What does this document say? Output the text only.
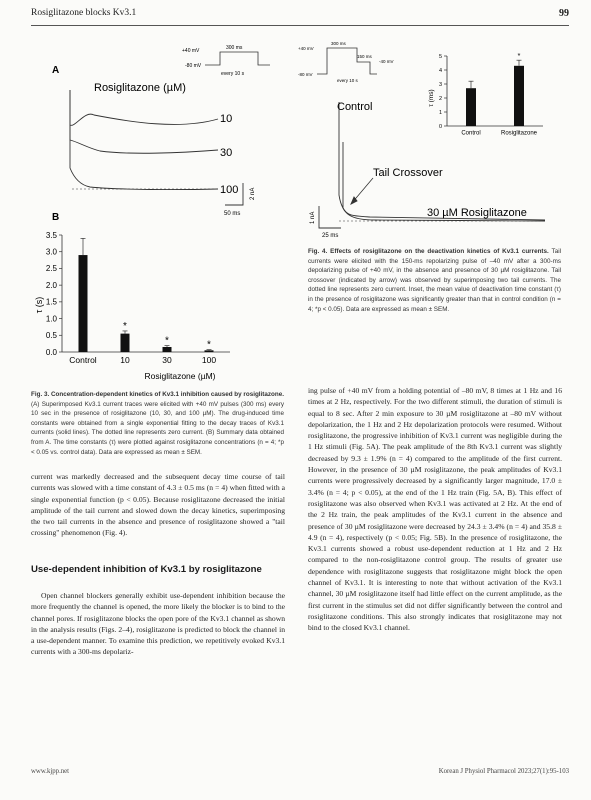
Rosiglitazone blocks Kv3.1	99
A
+40 mV
-80 mV
300 ms
every 10 s
Rosiglitazone (µM)
10
30
100 2 nA
50 ms
B
0.0
0.5
1.0
1.5
2.0
2.5
3.0
3.5
Control
*
10
*
30
*
100
τ (s)
Rosiglitazone (µM)
+40 mV
-80 mV
300 ms
150 ms
-40 mV
every 10 s
0
1
2
3
4
5
Control
*
Rosiglitazone
τ (ms)
Control
Tail Crossover
30 µM Rosiglitazone
1 nA
25 ms
Fig. 4. Effects of rosiglitazone on the deactivation kinetics of Kv3.1 currents. Tail currents were elicited with the 150-ms repolarizing pulse of –40 mV after a 300-ms depolarizing pulse of +40 mV, in the absence and presence of 30 µM rosiglitazone. Tail crossover (indicated by arrow) was observed by superimposing two tail currents. The dotted line represents zero current. Inset, the mean value of deactivation time constant (τ) in the presence of rosiglitazone was significantly greater than that in control condition (n = 4; *p < 0.05). Data are expressed as mean ± SEM.
Fig. 3. Concentration-dependent kinetics of Kv3.1 inhibition caused by rosiglitazone. (A) Superimposed Kv3.1 current traces were elicited with +40 mV pulses (300 ms) every 10 sec in the presence of rosiglitazone (10, 30, and 100 µM). The drug-induced time constants were obtained from a single exponential fitting to the decay traces of Kv3.1 currents (solid lines). The dotted line represents zero current. (B) Summary data obtained from A. The time constants (τ) were plotted against rosiglitazone concentrations (n = 4; *p < 0.05 vs. control data). Data are expressed as mean ± SEM.

current was markedly decreased and the subsequent decay time course of tail currents was slowed with a time constant of 4.3 ± 0.5 ms (n = 4) when fitted with a single exponential function (p < 0.05). Because rosiglitazone decreased the initial amplitude of the tail current and slowed down the decay kinetics, superimposing the two tail currents in the absence and presence of rosiglitazone showed a "tail crossing" phenomenon (Fig. 4).

Use-dependent inhibition of Kv3.1 by rosiglitazone

Open channel blockers generally exhibit use-dependent inhibition because the more frequently the channel is opened, the more likely the blocker is to bind to the channel pores. If rosiglitazone blocks the open pore of the Kv3.1 channel as shown in the analysis results (Figs. 2–4), rosiglitazone is predicted to block the channel in a use-dependent manner. To examine this prediction, we repetitively evoked Kv3.1 currents with a 300-ms depolariz-

ing pulse of +40 mV from a holding potential of –80 mV, 8 times at 1 Hz and 16 times at 2 Hz, respectively. For the two different stimuli, the duration of stimuli is equal to 8 sec. After 2 min exposure to 30 µM rosiglitazone at –80 mV without depolarization, the 1 Hz and 2 Hz depolarization protocols were resumed. Without rosiglitazone, the progressive inhibition of Kv3.1 current was negligible during the 1 Hz stimuli (Fig. 5A). The peak amplitude of the 8th Kv3.1 current was slightly decreased by 9.3 ± 1.9% (n = 4) compared to the amplitude of the first current. However, in the presence of 30 µM rosiglitazone, the peak amplitudes of Kv3.1 currents were progressively decreased by a significantly larger magnitude, 17.0 ± 3.4% (n = 4; p < 0.05), at the end of the 1 Hz train (Fig. 5A, B). This effect of rosiglitazone was also observed when Kv3.1 was activated at 2 Hz. At the end of the 2 Hz train, the peak amplitudes of the Kv3.1 current in the absence and presence of 30 µM rosiglitazone were decreased by 24.3 ± 3.4% (n = 4) and 35.8 ± 4.9 (n = 4), respectively (p < 0.05; Fig. 5B). In the presence of rosiglitazone, the Kv3.1 currents showed a robust use-dependent reduction at 1 Hz and 2 Hz compared to the non-rosiglitazone control group. The results of greater use dependence with rosiglitazone suggests that rosiglitazone might block the open channel of Kv3.1. It is interesting to note that without activation of the Kv3.1 channel, 30 µM rosiglitazone itself had little effect on the current amplitude, as the first current in the stimulus set did not differ significantly between the control and rosiglitazone conditions. This also strongly indicates that rosiglitazone may not bind to the closed Kv3.1 channel.

www.kjpp.net	Korean J Physiol Pharmacol 2023;27(1):95-103
